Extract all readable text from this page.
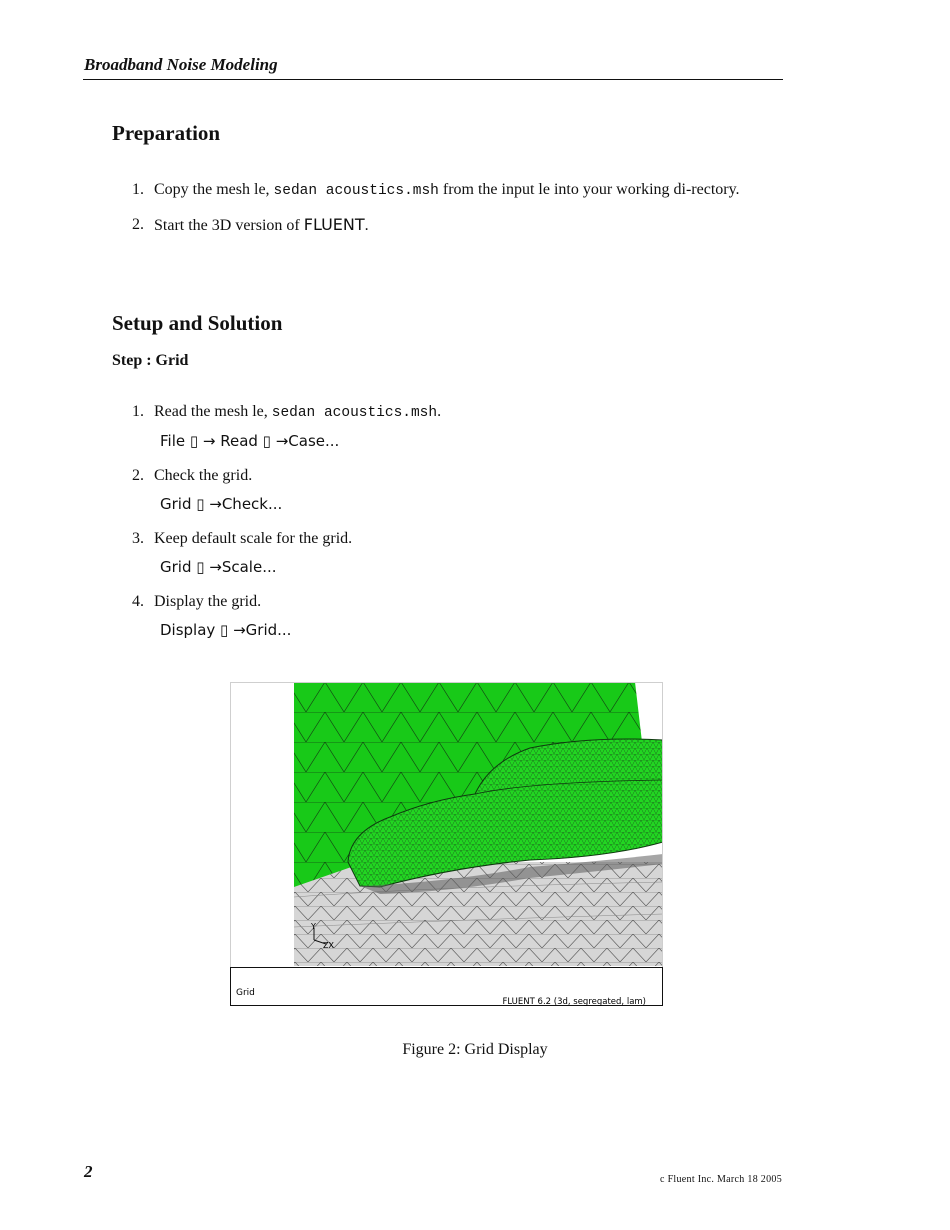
Broadband Noise Modeling
Preparation
1. Copy the mesh le, sedan acoustics.msh from the input le into your working di-rectory.
2. Start the 3D version of FLUENT.
Setup and Solution
Step : Grid
1. Read the mesh le, sedan acoustics.msh.
File ▯ → Read ▯ →Case...
2. Check the grid.
Grid ▯ →Check...
3. Keep default scale for the grid.
Grid ▯ →Scale...
4. Display the grid.
Display ▯ →Grid...
Y
ZX
Grid
FLUENT 6.2 (3d, segregated, lam)
Figure 2: Grid Display
2	c Fluent Inc. March 18 2005
